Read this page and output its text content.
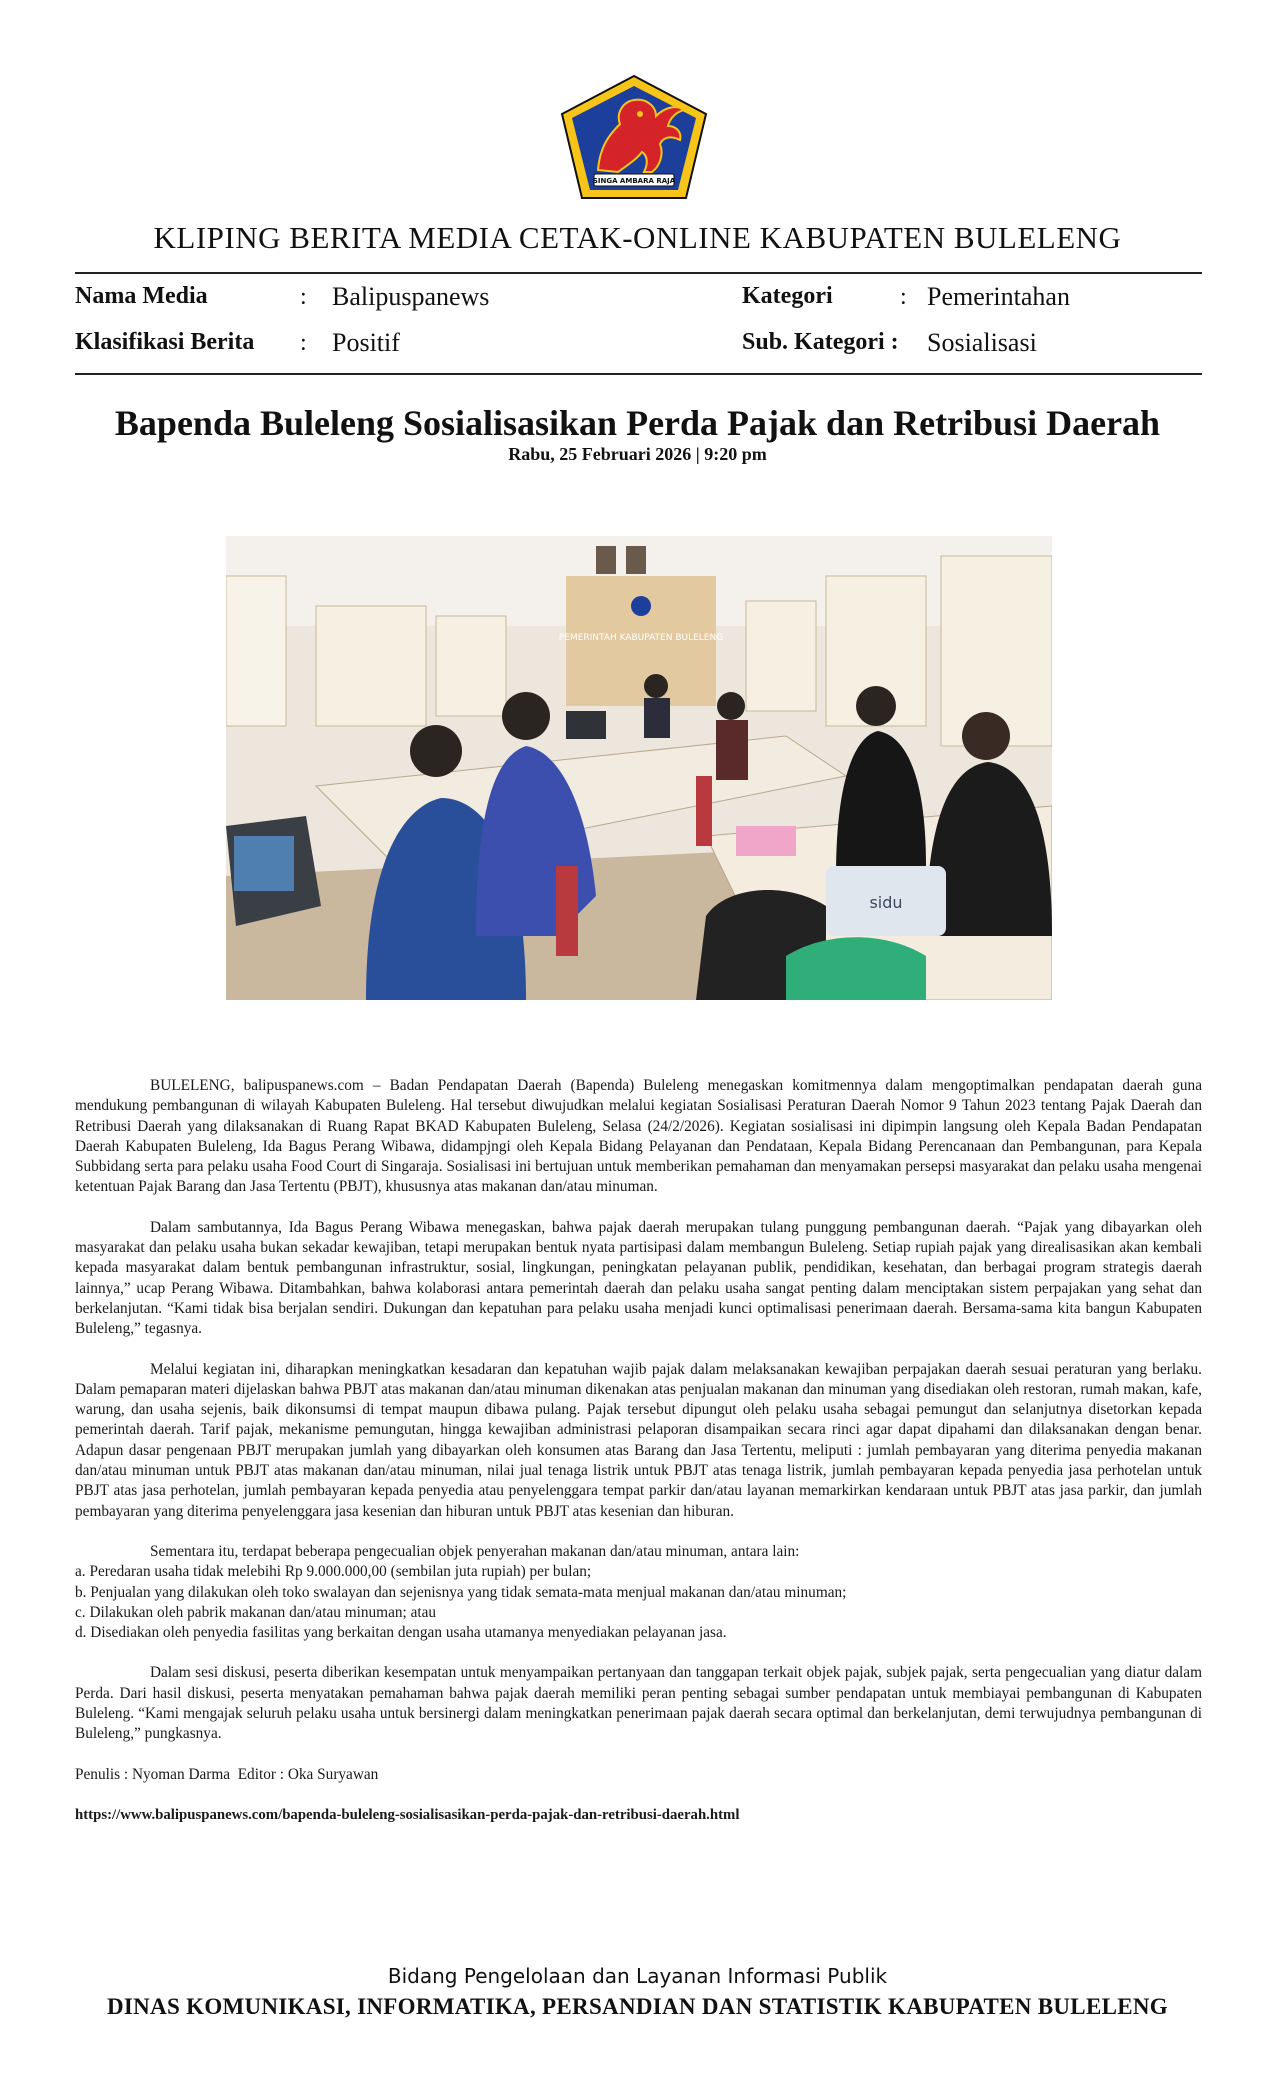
SINGA AMBARA RAJA
KLIPING BERITA MEDIA CETAK-ONLINE KABUPATEN BULELENG
Nama Media	: Balipuspanews	Kategori	: Pemerintahan
Klasifikasi Berita : Positif	Sub. Kategori : Sosialisasi
Bapenda Buleleng Sosialisasikan Perda Pajak dan Retribusi Daerah
Rabu, 25 Februari 2026 | 9:20 pm
PEMERINTAH KABUPATEN BULELENG
sidu

BULELENG, balipuspanews.com – Badan Pendapatan Daerah (Bapenda) Buleleng menegaskan komitmennya dalam mengoptimalkan pendapatan daerah guna mendukung pembangunan di wilayah Kabupaten Buleleng. Hal tersebut diwujudkan melalui kegiatan Sosialisasi Peraturan Daerah Nomor 9 Tahun 2023 tentang Pajak Daerah dan Retribusi Daerah yang dilaksanakan di Ruang Rapat BKAD Kabupaten Buleleng, Selasa (24/2/2026). Kegiatan sosialisasi ini dipimpin langsung oleh Kepala Badan Pendapatan Daerah Kabupaten Buleleng, Ida Bagus Perang Wibawa, didampjngi oleh Kepala Bidang Pelayanan dan Pendataan, Kepala Bidang Perencanaan dan Pembangunan, para Kepala Subbidang serta para pelaku usaha Food Court di Singaraja. Sosialisasi ini bertujuan untuk memberikan pemahaman dan menyamakan persepsi masyarakat dan pelaku usaha mengenai ketentuan Pajak Barang dan Jasa Tertentu (PBJT), khususnya atas makanan dan/atau minuman.

Dalam sambutannya, Ida Bagus Perang Wibawa menegaskan, bahwa pajak daerah merupakan tulang punggung pembangunan daerah. “Pajak yang dibayarkan oleh masyarakat dan pelaku usaha bukan sekadar kewajiban, tetapi merupakan bentuk nyata partisipasi dalam membangun Buleleng. Setiap rupiah pajak yang direalisasikan akan kembali kepada masyarakat dalam bentuk pembangunan infrastruktur, sosial, lingkungan, peningkatan pelayanan publik, pendidikan, kesehatan, dan berbagai program strategis daerah lainnya,” ucap Perang Wibawa. Ditambahkan, bahwa kolaborasi antara pemerintah daerah dan pelaku usaha sangat penting dalam menciptakan sistem perpajakan yang sehat dan berkelanjutan. “Kami tidak bisa berjalan sendiri. Dukungan dan kepatuhan para pelaku usaha menjadi kunci optimalisasi penerimaan daerah. Bersama-sama kita bangun Kabupaten Buleleng,” tegasnya.

Melalui kegiatan ini, diharapkan meningkatkan kesadaran dan kepatuhan wajib pajak dalam melaksanakan kewajiban perpajakan daerah sesuai peraturan yang berlaku. Dalam pemaparan materi dijelaskan bahwa PBJT atas makanan dan/atau minuman dikenakan atas penjualan makanan dan minuman yang disediakan oleh restoran, rumah makan, kafe, warung, dan usaha sejenis, baik dikonsumsi di tempat maupun dibawa pulang. Pajak tersebut dipungut oleh pelaku usaha sebagai pemungut dan selanjutnya disetorkan kepada pemerintah daerah. Tarif pajak, mekanisme pemungutan, hingga kewajiban administrasi pelaporan disampaikan secara rinci agar dapat dipahami dan dilaksanakan dengan benar. Adapun dasar pengenaan PBJT merupakan jumlah yang dibayarkan oleh konsumen atas Barang dan Jasa Tertentu, meliputi : jumlah pembayaran yang diterima penyedia makanan dan/atau minuman untuk PBJT atas makanan dan/atau minuman, nilai jual tenaga listrik untuk PBJT atas tenaga listrik, jumlah pembayaran kepada penyedia jasa perhotelan untuk PBJT atas jasa perhotelan, jumlah pembayaran kepada penyedia atau penyelenggara tempat parkir dan/atau layanan memarkirkan kendaraan untuk PBJT atas jasa parkir, dan jumlah pembayaran yang diterima penyelenggara jasa kesenian dan hiburan untuk PBJT atas kesenian dan hiburan.

Sementara itu, terdapat beberapa pengecualian objek penyerahan makanan dan/atau minuman, antara lain:
a. Peredaran usaha tidak melebihi Rp 9.000.000,00 (sembilan juta rupiah) per bulan;
b. Penjualan yang dilakukan oleh toko swalayan dan sejenisnya yang tidak semata-mata menjual makanan dan/atau minuman;
c. Dilakukan oleh pabrik makanan dan/atau minuman; atau
d. Disediakan oleh penyedia fasilitas yang berkaitan dengan usaha utamanya menyediakan pelayanan jasa.

Dalam sesi diskusi, peserta diberikan kesempatan untuk menyampaikan pertanyaan dan tanggapan terkait objek pajak, subjek pajak, serta pengecualian yang diatur dalam Perda. Dari hasil diskusi, peserta menyatakan pemahaman bahwa pajak daerah memiliki peran penting sebagai sumber pendapatan untuk membiayai pembangunan di Kabupaten Buleleng. “Kami mengajak seluruh pelaku usaha untuk bersinergi dalam meningkatkan penerimaan pajak daerah secara optimal dan berkelanjutan, demi terwujudnya pembangunan di Buleleng,” pungkasnya.

Penulis : Nyoman Darma  Editor : Oka Suryawan
https://www.balipuspanews.com/bapenda-buleleng-sosialisasikan-perda-pajak-dan-retribusi-daerah.html
Bidang Pengelolaan dan Layanan Informasi Publik
DINAS KOMUNIKASI, INFORMATIKA, PERSANDIAN DAN STATISTIK KABUPATEN BULELENG
